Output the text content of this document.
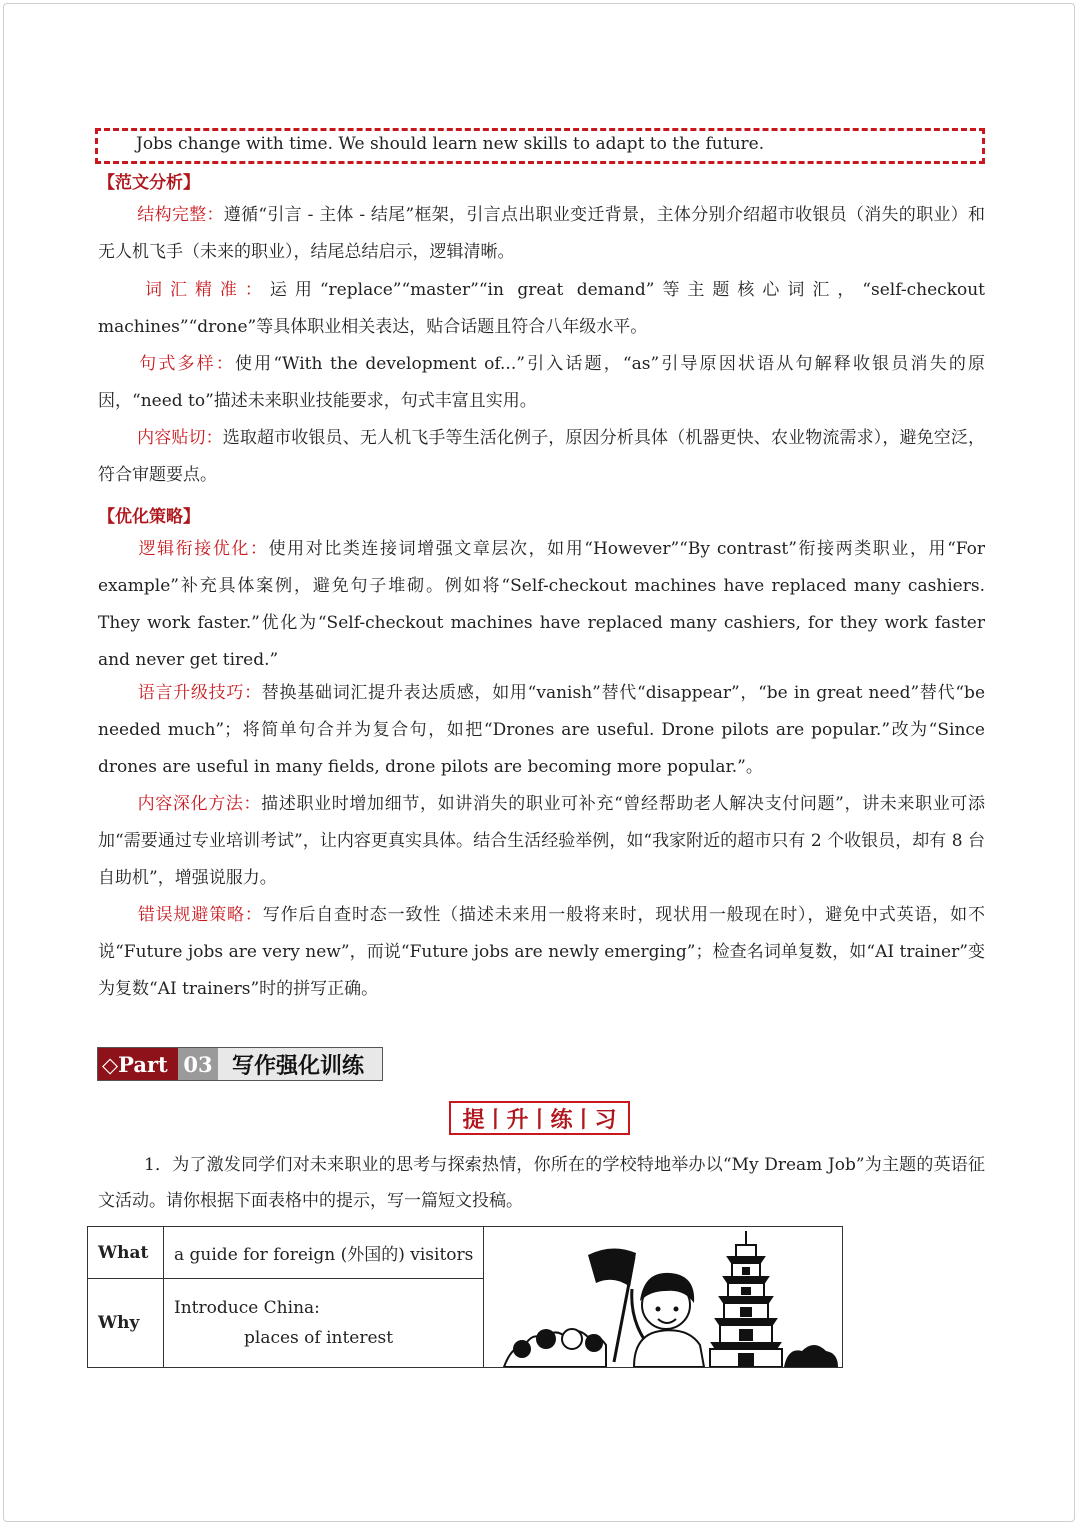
Jobs change with time. We should learn new skills to adapt to the future.
【范文分析】
结构完整：遵循“引言 - 主体 - 结尾”框架，引言点出职业变迁背景，主体分别介绍超市收银员（消失的职业）和无人机飞手（未来的职业），结尾总结启示，逻辑清晰。
词汇精准：运用“replace”“master”“in great demand”等主题核心词汇，“self-checkout machines”“drone”等具体职业相关表达，贴合话题且符合八年级水平。
句式多样：使用“With the development of...”引入话题，“as”引导原因状语从句解释收银员消失的原因，“need to”描述未来职业技能要求，句式丰富且实用。
内容贴切：选取超市收银员、无人机飞手等生活化例子，原因分析具体（机器更快、农业物流需求），避免空泛，符合审题要点。
【优化策略】
逻辑衔接优化：使用对比类连接词增强文章层次，如用“However”“By contrast”衔接两类职业，用“For example”补充具体案例，避免句子堆砌。例如将“Self-checkout machines have replaced many cashiers. They work faster.”优化为“Self-checkout machines have replaced many cashiers, for they work faster and never get tired.”
语言升级技巧：替换基础词汇提升表达质感，如用“vanish”替代“disappear”，“be in great need”替代“be needed much”；将简单句合并为复合句，如把“Drones are useful. Drone pilots are popular.”改为“Since drones are useful in many fields, drone pilots are becoming more popular.”。
内容深化方法：描述职业时增加细节，如讲消失的职业可补充“曾经帮助老人解决支付问题”，讲未来职业可添加“需要通过专业培训考试”，让内容更真实具体。结合生活经验举例，如“我家附近的超市只有 2 个收银员，却有 8 台自助机”，增强说服力。
错误规避策略：写作后自查时态一致性（描述未来用一般将来时，现状用一般现在时），避免中式英语，如不说“Future jobs are very new”，而说“Future jobs are newly emerging”；检查名词单复数，如“AI trainer”变为复数“AI trainers”时的拼写正确。
◇Part 03 写作强化训练
提丨升丨练丨习
1．为了激发同学们对未来职业的思考与探索热情，你所在的学校特地举办以“My Dream Job”为主题的英语征文活动。请你根据下面表格中的提示，写一篇短文投稿。
What	a guide for foreign (外国的) visitors	

Why	Introduce China:
places of interest	
